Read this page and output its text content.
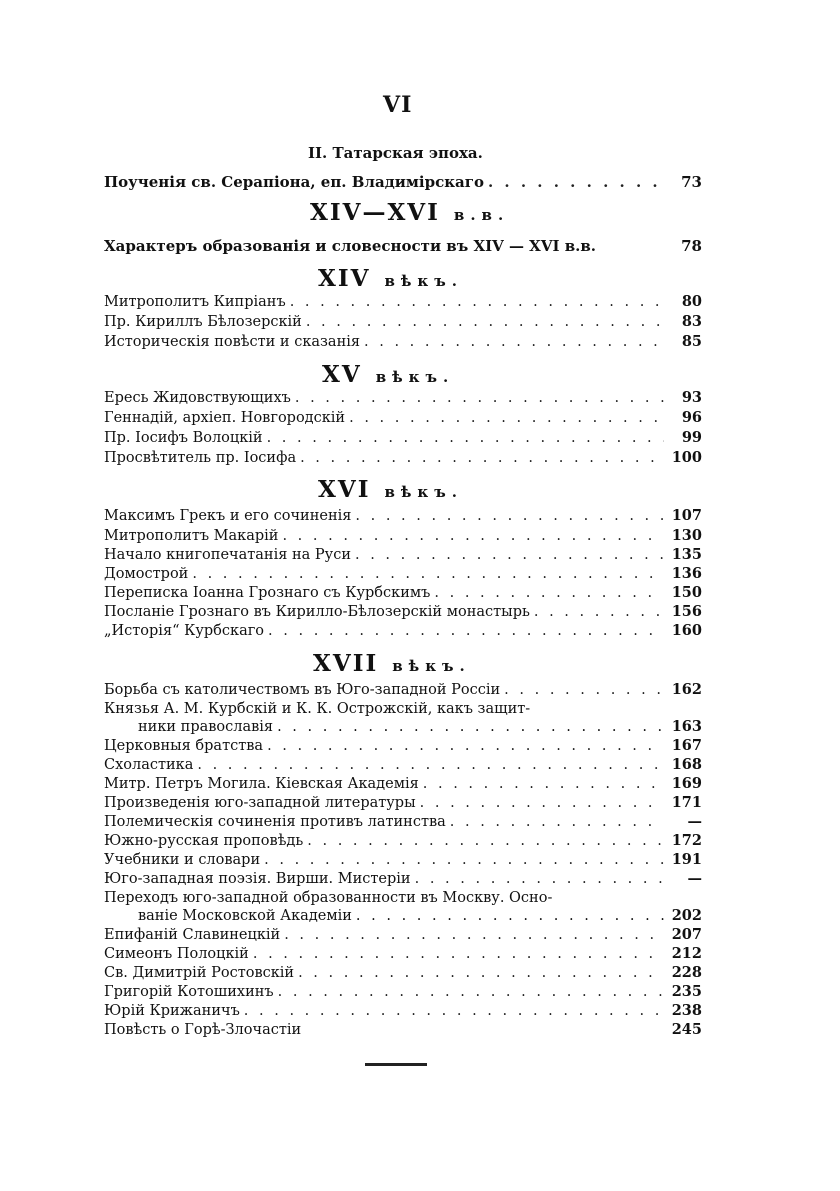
VI
II. Татарская эпоха.
Поученія св. Серапіона, еп. Владимірскаго . . .	73
XIV—XVI в.в.
Характеръ образованія и словесности въ XIV — XVI в.в.	78
XIV вѣкъ.
Митрополитъ Кипріанъ . . .	80
Пр. Кириллъ Бѣлозерскій . . .	83
Историческія повѣсти и сказанія . . .	85
XV вѣкъ.
Ересь Жидовствующихъ . . .	93
Геннадій, архіеп. Новгородскій . . .	96
Пр. Іосифъ Волоцкій . . .	99
Просвѣтитель пр. Іосифа . . .	100
XVI вѣкъ.
Максимъ Грекъ и его сочиненія . . .	107
Митрополитъ Макарій . . .	130
Начало книгопечатанія на Руси . . .	135
Домострой . . .	136
Переписка Іоанна Грознаго съ Курбскимъ . . .	150
Посланіе Грознаго въ Кирилло-Бѣлозерскій монастырь . . .	156
„Исторія“ Курбскаго . . .	160
XVII вѣкъ.
Борьба съ католичествомъ въ Юго-западной Россіи . . .	162
Князья А. М. Курбскій и К. К. Острожскій, какъ защит-
ники православія . . .	163
Церковныя братства . . .	167
Схоластика . . .	168
Митр. Петръ Могила. Кіевская Академія . . .	169
Произведенія юго-западной литературы . . .	171
Полемическія сочиненія противъ латинства . . .	—
Южно-русская проповѣдь . . .	172
Учебники и словари . . .	191
Юго-западная поэзія. Вирши. Мистеріи . . .	—
Переходъ юго-западной образованности въ Москву. Осно-
ваніе Московской Академіи . . .	202
Епифаній Славинецкій . . .	207
Симеонъ Полоцкій . . .	212
Св. Димитрій Ростовскій . . .	228
Григорій Котошихинъ . . .	235
Юрій Крижаничъ . . .	238
Повѣсть о Горѣ-Злочастіи	245
